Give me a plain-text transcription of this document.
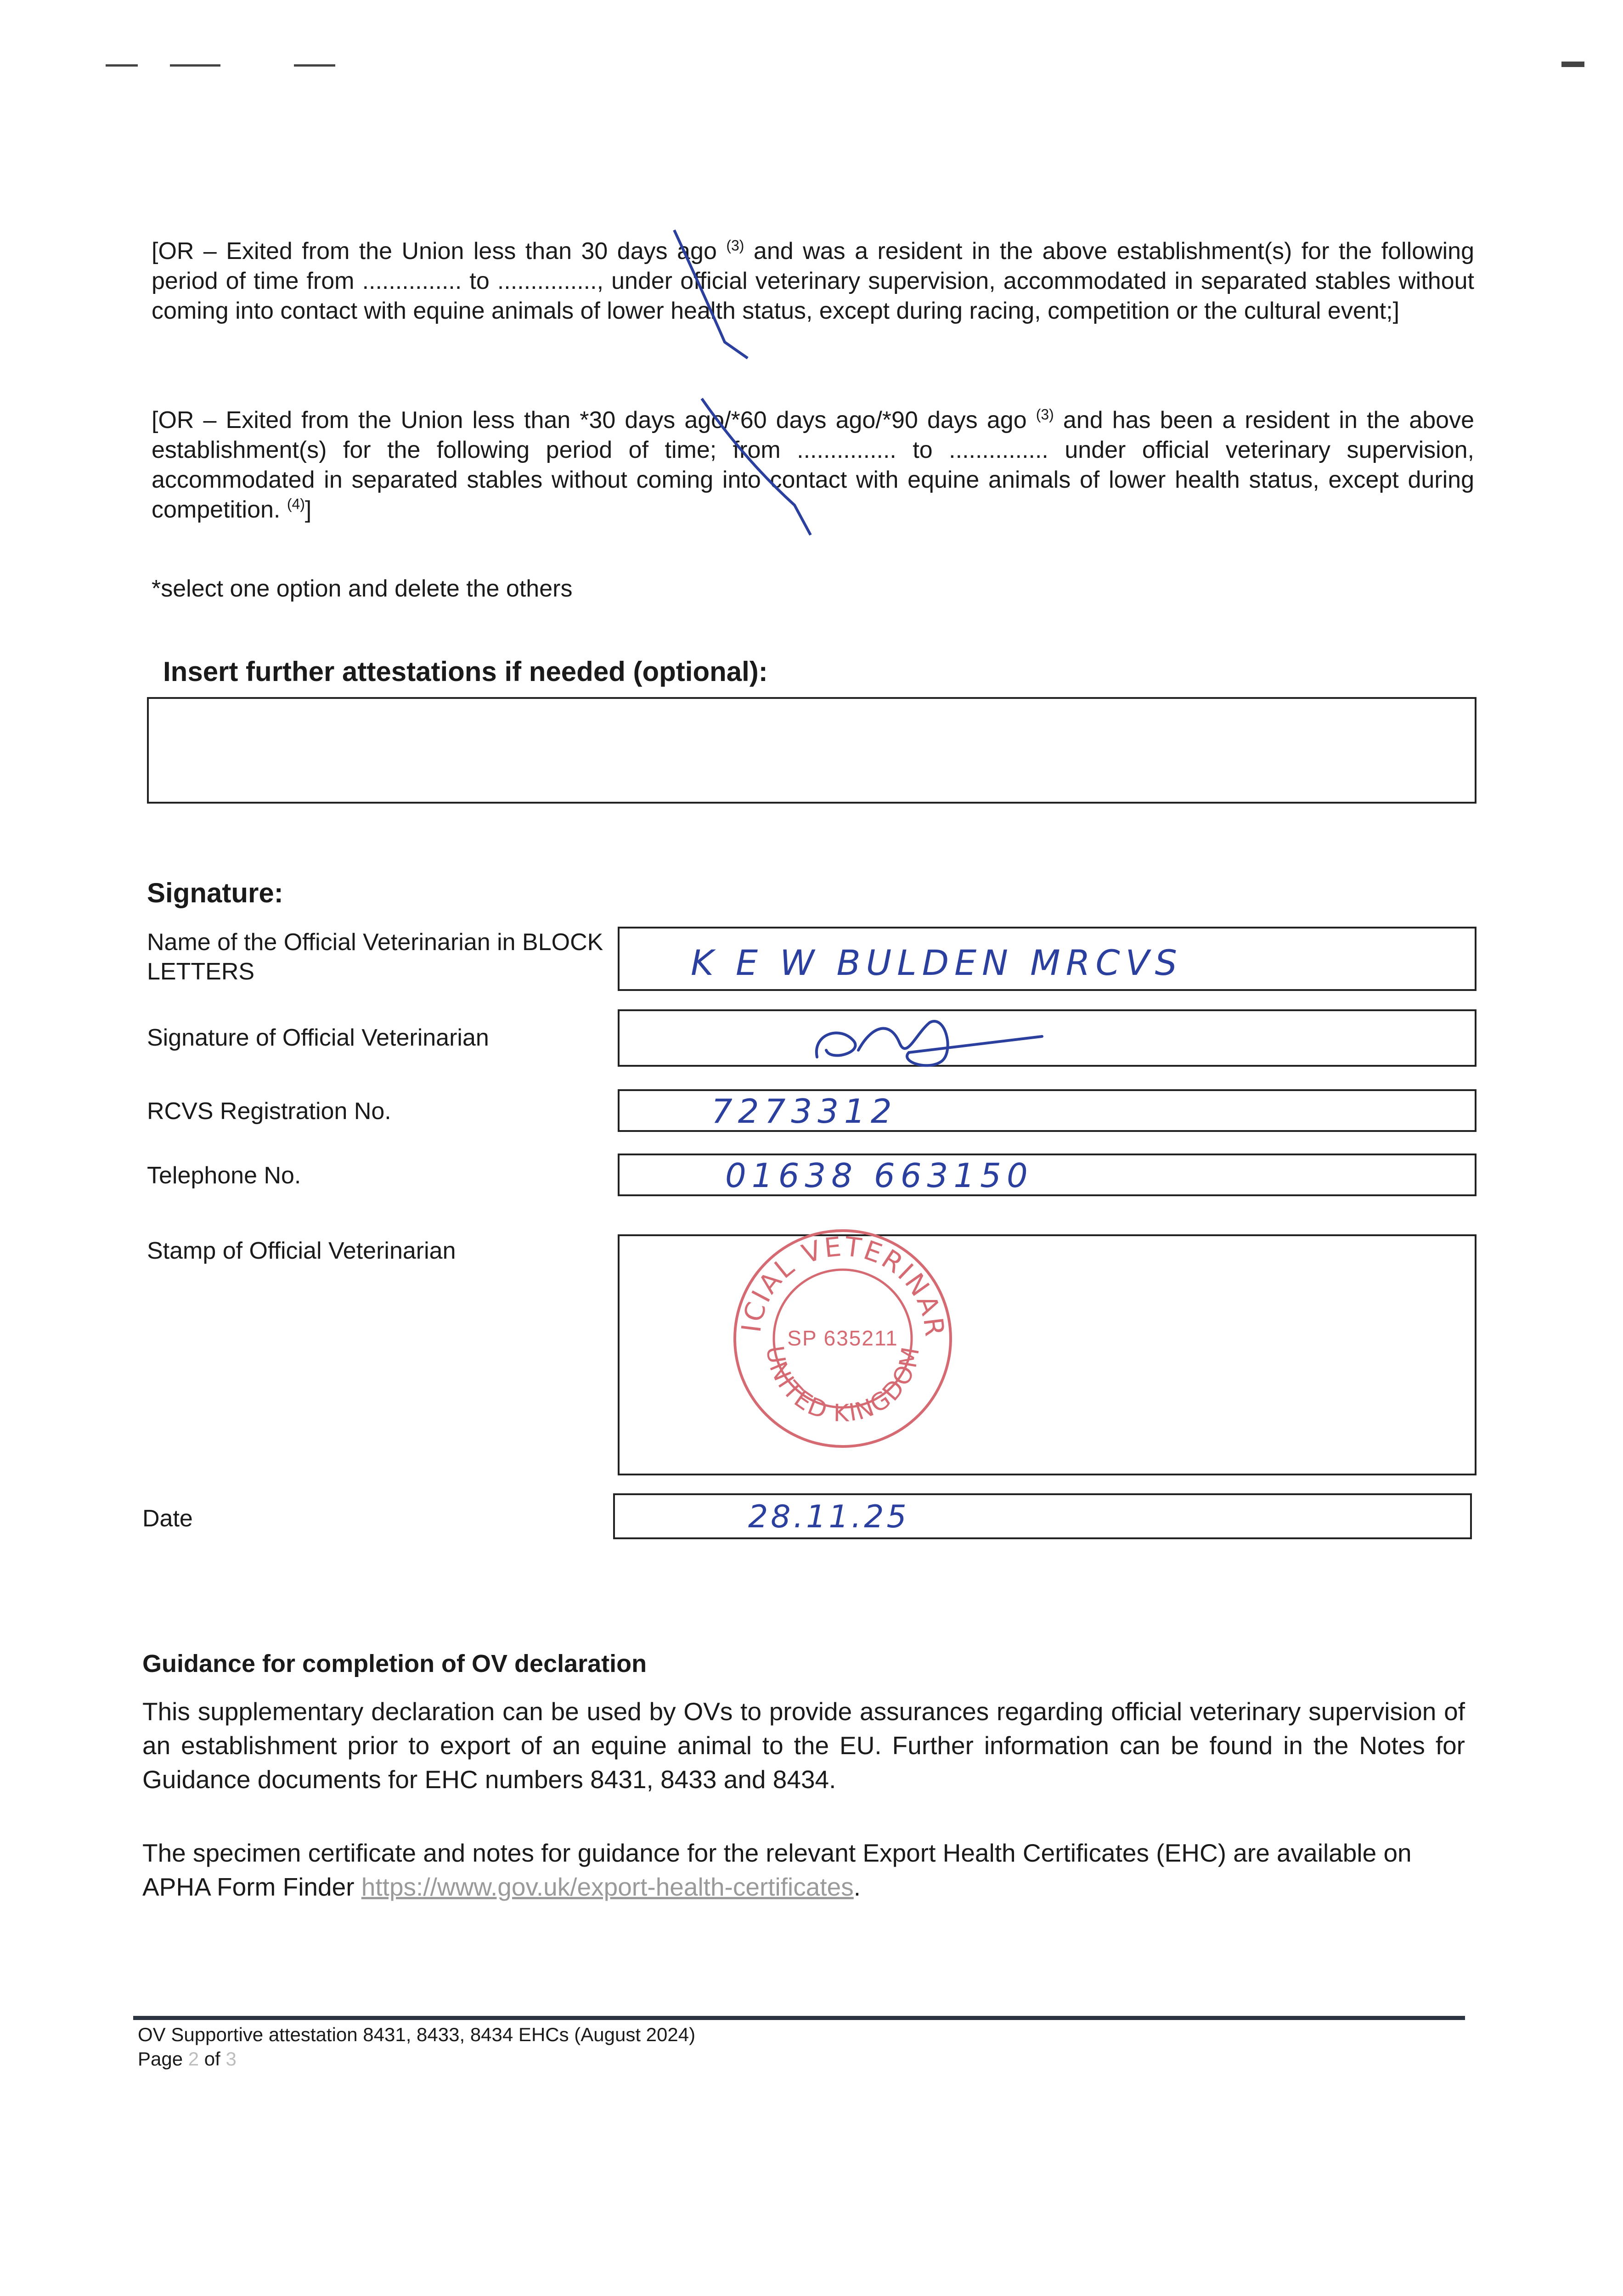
[OR – Exited from the Union less than 30 days ago $^{(3)}$ and was a resident in the above establishment(s) for the following period of time from ............... to ..............., under official veterinary supervision, accommodated in separated stables without coming into contact with equine animals of lower health status, except during racing, competition or the cultural event;]

[OR – Exited from the Union less than *30 days ago/*60 days ago/*90 days ago $^{(3)}$ and has been a resident in the above establishment(s) for the following period of time; from ............... to ............... under official veterinary supervision, accommodated in separated stables without coming into contact with equine animals of lower health status, except during competition. $^{(4)}$]

*select one option and delete the others

Insert further attestations if needed (optional):

Signature:

Name of the Official Veterinarian in BLOCK LETTERS	K E W BULDEN MRCVS
Signature of Official Veterinarian
RCVS Registration No.	7273312
Telephone No.	01638 663150
Stamp of Official Veterinarian
ICIAL VETERINAR
UNITED KINGDOM
SP 635211
Date	28.11.25

Guidance for completion of OV declaration

This supplementary declaration can be used by OVs to provide assurances regarding official veterinary supervision of an establishment prior to export of an equine animal to the EU. Further information can be found in the Notes for Guidance documents for EHC numbers 8431, 8433 and 8434.

The specimen certificate and notes for guidance for the relevant Export Health Certificates (EHC) are available on APHA Form Finder https://www.gov.uk/export-health-certificates.

OV Supportive attestation 8431, 8433, 8434 EHCs (August 2024)
Page 2 of 3
